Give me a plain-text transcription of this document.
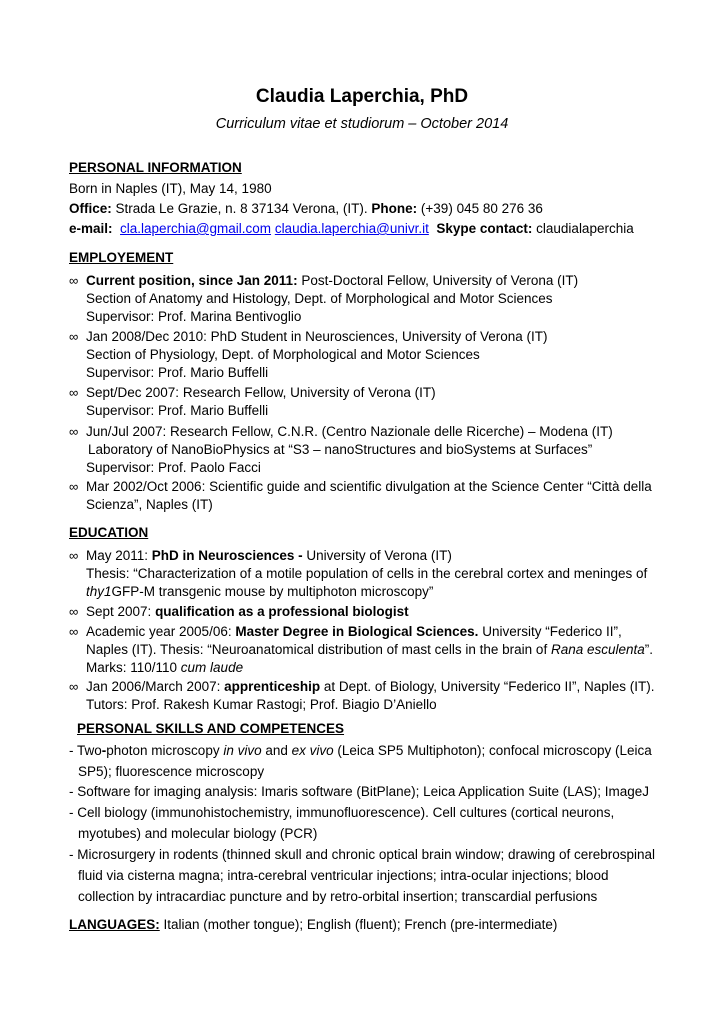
Claudia Laperchia, PhD
Curriculum vitae et studiorum – October 2014
PERSONAL INFORMATION
Born in Naples (IT), May 14, 1980
Office: Strada Le Grazie, n. 8 37134 Verona, (IT). Phone: (+39) 045 80 276 36
e-mail: cla.laperchia@gmail.com claudia.laperchia@univr.it Skype contact: claudialaperchia
EMPLOYEMENT
∞ Current position, since Jan 2011: Post-Doctoral Fellow, University of Verona (IT)
Section of Anatomy and Histology, Dept. of Morphological and Motor Sciences
Supervisor: Prof. Marina Bentivoglio
∞ Jan 2008/Dec 2010: PhD Student in Neurosciences, University of Verona (IT)
Section of Physiology, Dept. of Morphological and Motor Sciences
Supervisor: Prof. Mario Buffelli
∞ Sept/Dec 2007: Research Fellow, University of Verona (IT)
Supervisor: Prof. Mario Buffelli
∞ Jun/Jul 2007: Research Fellow, C.N.R. (Centro Nazionale delle Ricerche) – Modena (IT)
Laboratory of NanoBioPhysics at “S3 – nanoStructures and bioSystems at Surfaces”
Supervisor: Prof. Paolo Facci
∞ Mar 2002/Oct 2006: Scientific guide and scientific divulgation at the Science Center “Città della
Scienza”, Naples (IT)
EDUCATION
∞ May 2011: PhD in Neurosciences - University of Verona (IT)
Thesis: “Characterization of a motile population of cells in the cerebral cortex and meninges of
thy1GFP-M transgenic mouse by multiphoton microscopy”
∞ Sept 2007: qualification as a professional biologist
∞ Academic year 2005/06: Master Degree in Biological Sciences. University “Federico II”,
Naples (IT). Thesis: “Neuroanatomical distribution of mast cells in the brain of Rana esculenta”.
Marks: 110/110 cum laude
∞ Jan 2006/March 2007: apprenticeship at Dept. of Biology, University “Federico II”, Naples (IT).
Tutors: Prof. Rakesh Kumar Rastogi; Prof. Biagio D’Aniello
PERSONAL SKILLS AND COMPETENCES
- Two-photon microscopy in vivo and ex vivo (Leica SP5 Multiphoton); confocal microscopy (Leica
SP5); fluorescence microscopy
- Software for imaging analysis: Imaris software (BitPlane); Leica Application Suite (LAS); ImageJ
- Cell biology (immunohistochemistry, immunofluorescence). Cell cultures (cortical neurons,
myotubes) and molecular biology (PCR)
- Microsurgery in rodents (thinned skull and chronic optical brain window; drawing of cerebrospinal
fluid via cisterna magna; intra-cerebral ventricular injections; intra-ocular injections; blood
collection by intracardiac puncture and by retro-orbital insertion; transcardial perfusions
LANGUAGES: Italian (mother tongue); English (fluent); French (pre-intermediate)
